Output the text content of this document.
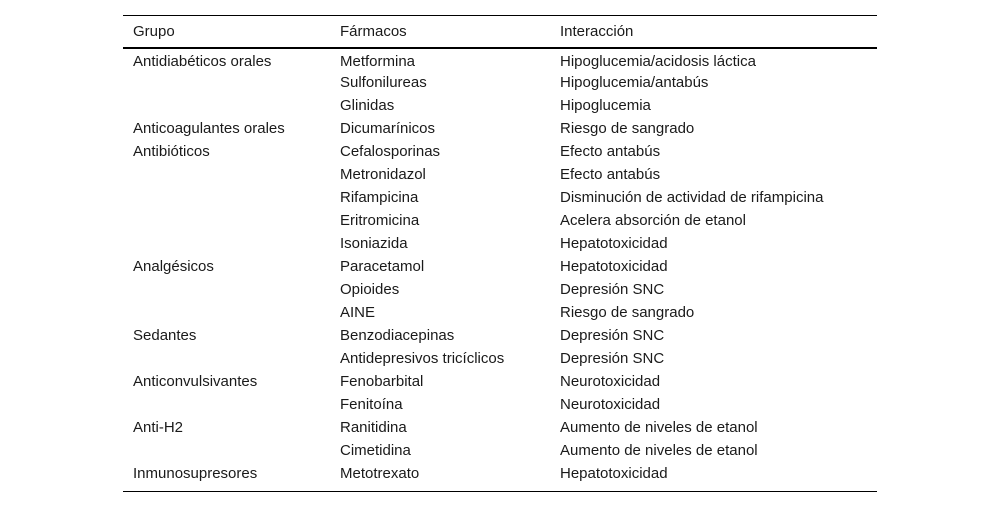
Grupo	Fármacos	Interacción
Antidiabéticos orales	Metformina	Hipoglucemia/acidosis láctica
	Sulfonilureas	Hipoglucemia/antabús
	Glinidas	Hipoglucemia
Anticoagulantes orales	Dicumarínicos	Riesgo de sangrado
Antibióticos	Cefalosporinas	Efecto antabús
	Metronidazol	Efecto antabús
	Rifampicina	Disminución de actividad de rifampicina
	Eritromicina	Acelera absorción de etanol
	Isoniazida	Hepatotoxicidad
Analgésicos	Paracetamol	Hepatotoxicidad
	Opioides	Depresión SNC
	AINE	Riesgo de sangrado
Sedantes	Benzodiacepinas	Depresión SNC
	Antidepresivos tricíclicos	Depresión SNC
Anticonvulsivantes	Fenobarbital	Neurotoxicidad
	Fenitoína	Neurotoxicidad
Anti-H2	Ranitidina	Aumento de niveles de etanol
	Cimetidina	Aumento de niveles de etanol
Inmunosupresores	Metotrexato	Hepatotoxicidad
